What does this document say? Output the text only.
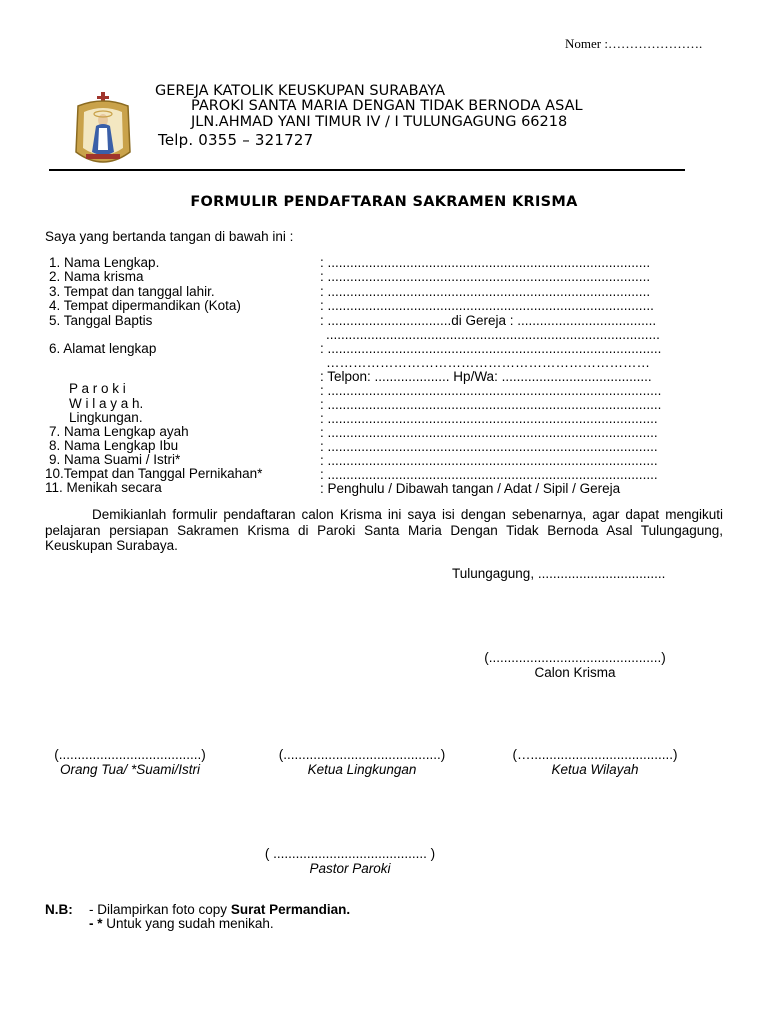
Nomer :………………….
GEREJA KATOLIK KEUSKUPAN SURABAYA
PAROKI SANTA MARIA DENGAN TIDAK BERNODA ASAL
JLN.AHMAD YANI TIMUR IV / I TULUNGAGUNG 66218
Telp. 0355 – 321727
FORMULIR PENDAFTARAN SAKRAMEN KRISMA
Saya yang bertanda tangan di bawah ini :
1. Nama Lengkap.	: ......................................................................................
2. Nama krisma	: ......................................................................................
3. Tempat dan tanggal lahir.	: ......................................................................................
4. Tempat dipermandikan (Kota)	: .......................................................................................
5. Tanggal Baptis	: .................................di Gereja : .....................................
.........................................................................................
6. Alamat lengkap	: .........................................................................................
………………………………………………………………
: Telpon: .................... Hp/Wa: ........................................
P a r o k i	: .........................................................................................
W i l a y a h.	: .........................................................................................
Lingkungan.	: ........................................................................................
7. Nama Lengkap ayah	: ........................................................................................
8. Nama Lengkap Ibu	: ........................................................................................
9. Nama Suami / Istri*	: ........................................................................................
10.Tempat dan Tanggal Pernikahan*	: ........................................................................................
11. Menikah secara	: Penghulu / Dibawah tangan / Adat / Sipil / Gereja
Demikianlah formulir pendaftaran calon Krisma ini saya isi dengan sebenarnya, agar dapat mengikuti pelajaran persiapan Sakramen Krisma di Paroki Santa Maria Dengan Tidak Bernoda Asal Tulungagung, Keuskupan Surabaya.
Tulungagung, ..................................
(..............................................)
Calon Krisma
(......................................)
Orang Tua/ *Suami/Istri
(..........................................)
Ketua Lingkungan
(…......................................)
Ketua Wilayah
( ......................................... )
Pastor Paroki
N.B: - Dilampirkan foto copy Surat Permandian.
- * Untuk yang sudah menikah.
